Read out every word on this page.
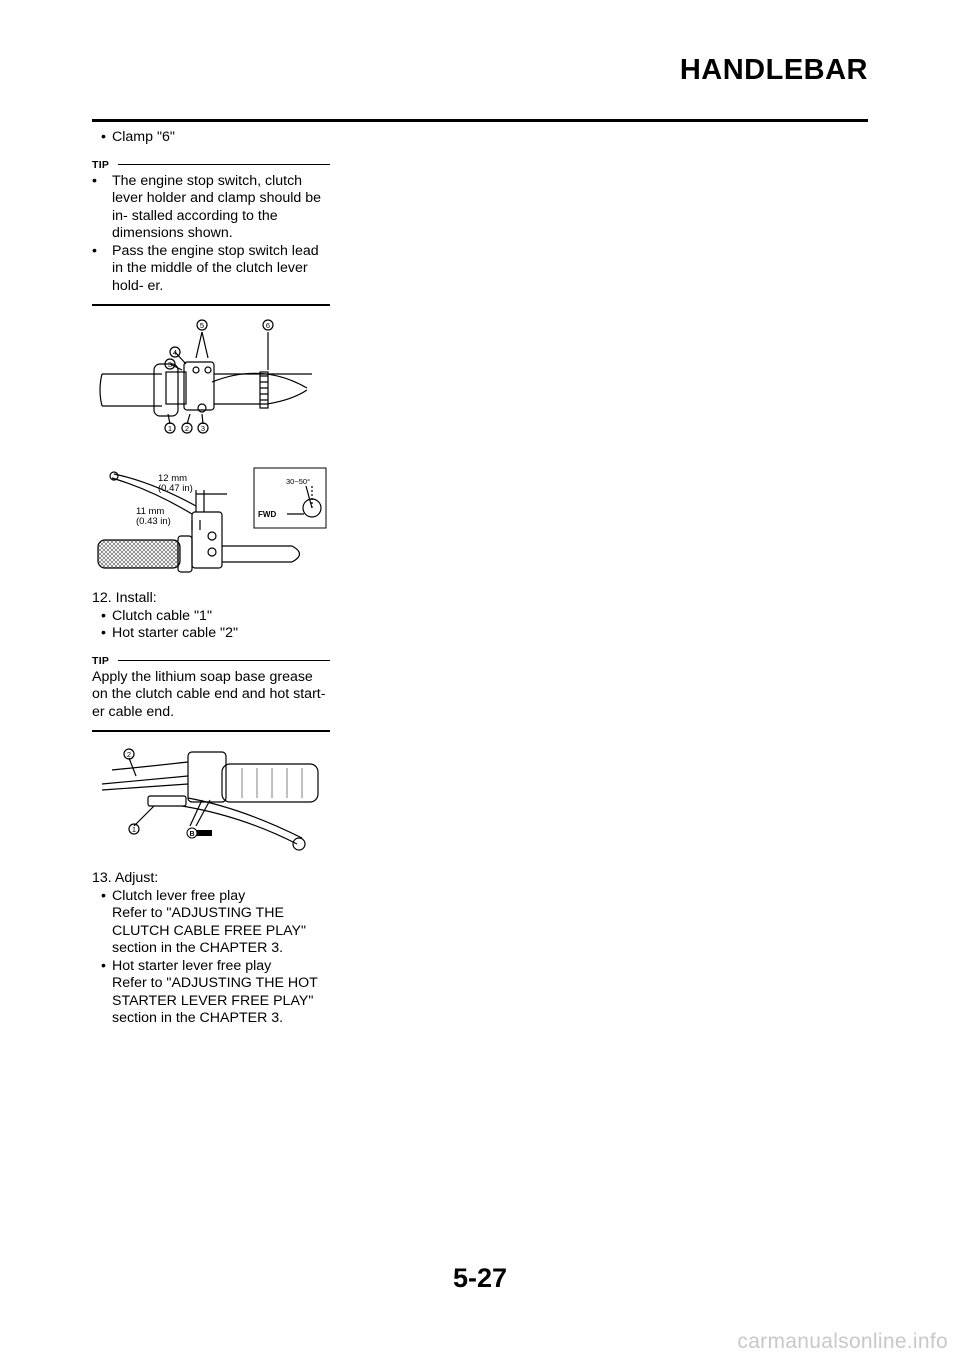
HANDLEBAR
• Clamp "6"
TIP
• The engine stop switch, clutch lever holder and clamp should be in- stalled according to the dimensions shown.
• Pass the engine stop switch lead in the middle of the clutch lever hold- er.
1 2 3
3
4
5	6
12 mm
(0.47 in)
11 mm
(0.43 in)
30~50°
FWD
12. Install:
• Clutch cable "1"
• Hot starter cable "2"
TIP
Apply the lithium soap base grease on the clutch cable end and hot start- er cable end.
2
1
B
13. Adjust:
• Clutch lever free play
Refer to "ADJUSTING THE CLUTCH CABLE FREE PLAY" section in the CHAPTER 3.
• Hot starter lever free play
Refer to "ADJUSTING THE HOT STARTER LEVER FREE PLAY" section in the CHAPTER 3.
5-27
carmanualsonline.info
